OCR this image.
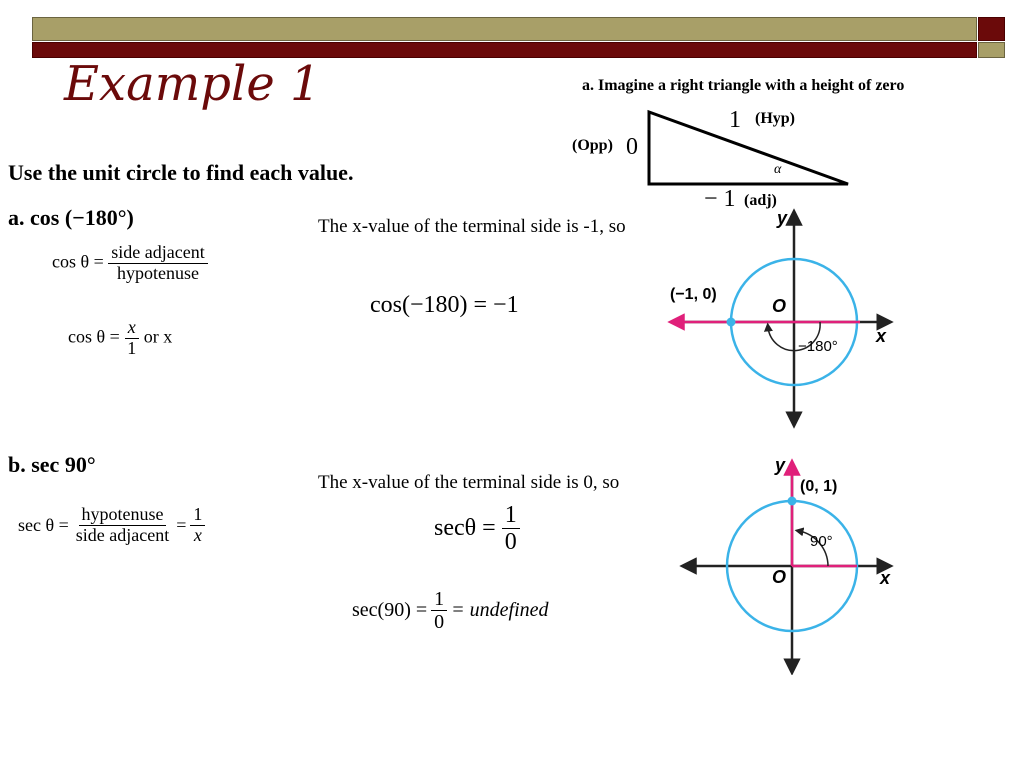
Example 1
Use the unit circle to find each value.
a. cos (−180°)
$\cos \theta = \frac{\text{side adjacent}}{\text{hypotenuse}}$
$\cos \theta = \frac{x}{1}$ or x
The x-value of the terminal side is -1, so
cos(−180) = −1
b. sec 90°
$\sec \theta = \frac{\text{hypotenuse}}{\text{side adjacent}} = \frac{1}{x}$
The x-value of the terminal side is 0, so
$\sec\theta = \frac{1}{0}$
$\sec(90) = \frac{1}{0}$ = undefined
a. Imagine a right triangle with a height of zero
1 (Hyp)
(Opp) 0
α
− 1 (adj)
(−1, 0)
O
y
x
−180°
(0, 1)
O
y
x
90°
